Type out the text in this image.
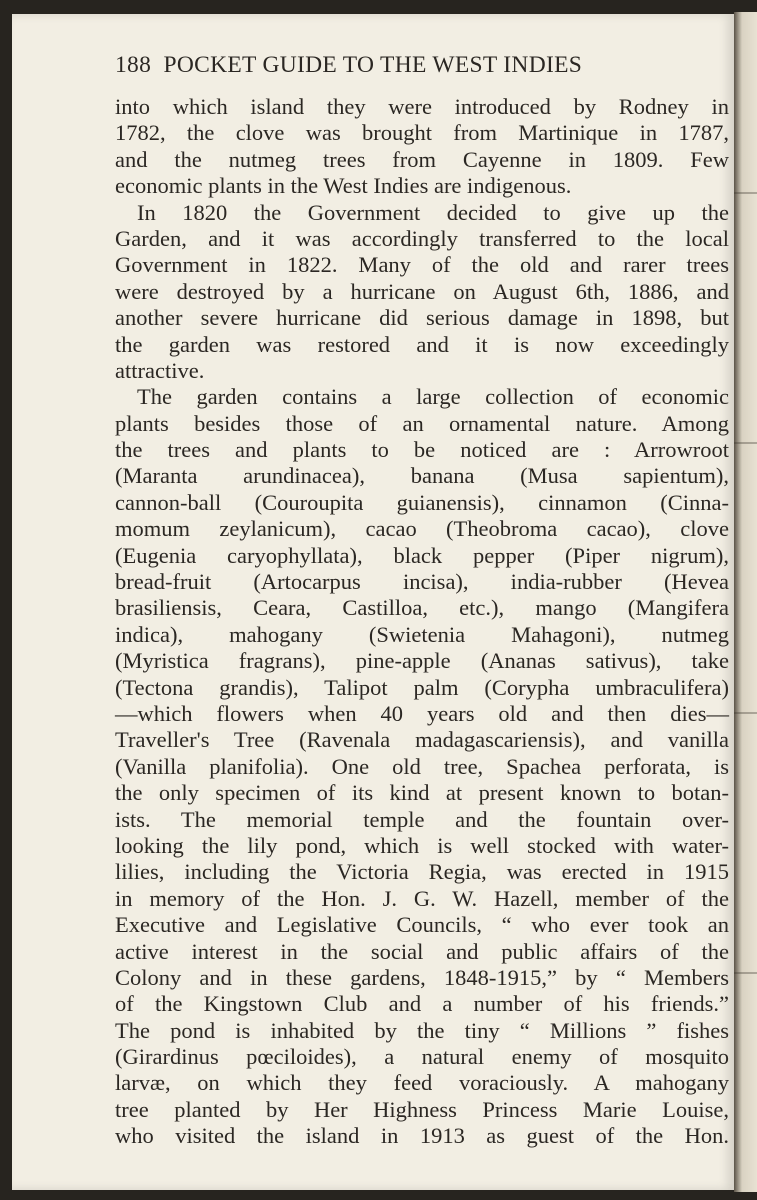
188 POCKET GUIDE TO THE WEST INDIES
into which island they were introduced by Rodney in
1782, the clove was brought from Martinique in 1787,
and the nutmeg trees from Cayenne in 1809. Few
economic plants in the West Indies are indigenous.
In 1820 the Government decided to give up the
Garden, and it was accordingly transferred to the local
Government in 1822. Many of the old and rarer trees
were destroyed by a hurricane on August 6th, 1886, and
another severe hurricane did serious damage in 1898, but
the garden was restored and it is now exceedingly
attractive.
The garden contains a large collection of economic
plants besides those of an ornamental nature. Among
the trees and plants to be noticed are : Arrowroot
(Maranta arundinacea), banana (Musa sapientum),
cannon-ball (Couroupita guianensis), cinnamon (Cinna-
momum zeylanicum), cacao (Theobroma cacao), clove
(Eugenia caryophyllata), black pepper (Piper nigrum),
bread-fruit (Artocarpus incisa), india-rubber (Hevea
brasiliensis, Ceara, Castilloa, etc.), mango (Mangifera
indica), mahogany (Swietenia Mahagoni), nutmeg
(Myristica fragrans), pine-apple (Ananas sativus), take
(Tectona grandis), Talipot palm (Corypha umbraculifera)
—which flowers when 40 years old and then dies—
Traveller's Tree (Ravenala madagascariensis), and vanilla
(Vanilla planifolia). One old tree, Spachea perforata, is
the only specimen of its kind at present known to botan-
ists. The memorial temple and the fountain over-
looking the lily pond, which is well stocked with water-
lilies, including the Victoria Regia, was erected in 1915
in memory of the Hon. J. G. W. Hazell, member of the
Executive and Legislative Councils, “ who ever took an
active interest in the social and public affairs of the
Colony and in these gardens, 1848-1915,” by “ Members
of the Kingstown Club and a number of his friends.”
The pond is inhabited by the tiny “ Millions ” fishes
(Girardinus pœciloides), a natural enemy of mosquito
larvæ, on which they feed voraciously. A mahogany
tree planted by Her Highness Princess Marie Louise,
who visited the island in 1913 as guest of the Hon.
